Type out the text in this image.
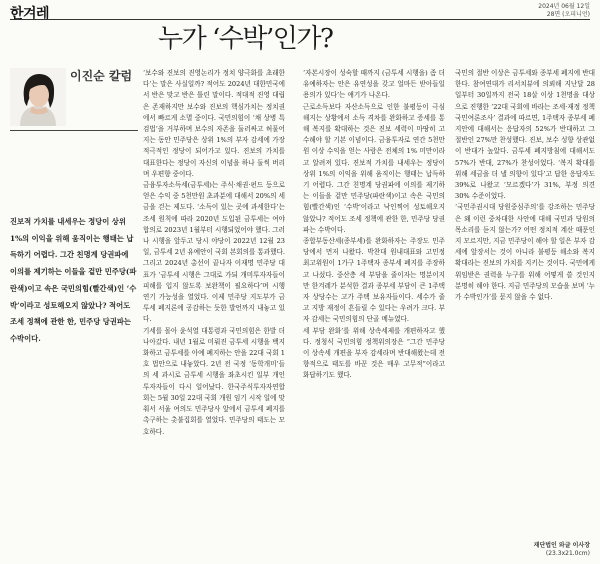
한겨레	2024년 06월 12일
28면 (오피니언)
누가 ‘수박’인가?
이진순 칼럼

진보적 가치를 내세우는 정당이 상위 1%의 이익을 위해 움직이는 행태는 납득하기 어렵다. 그간 친명계 당권파에 이의를 제기하는 이들을 겉만 민주당(파란색)이고 속은 국민의힘(빨간색)인 ‘수박’이라고 성토해오지 않았나? 적어도 조세 정책에 관한 한, 민주당 당권파는 수박이다.

‘보수와 진보의 진영논리가 정치 양극화를 초래한다’는 말은 사실일까? 적어도 2024년 대한민국에서 반은 맞고 반은 틀린 말이다. 적대적 진영 대립은 존재하지만 보수와 진보의 핵심가치는 정치권에서 빠르게 소멸 중이다. 국민의힘이 ‘채 상병 특검법’을 거부하며 보수의 자존을 둘러싸고 허물어지는 동안 민주당은 상위 1%의 부자 감세에 가장 적극적인 정당이 되어가고 있다. 진보의 가치를 대표한다는 정당이 자신의 이념을 하나 둘씩 버리며 우편향 중이다.

금융투자소득세(금투세)는 주식·채권·펀드 등으로 얻은 수익 중 5천만원 초과분에 대해서 20%의 세금을 걷는 제도다. ‘소득이 있는 곳에 과세한다’는 조세 원칙에 따라 2020년 도입된 금투세는 여야 합의로 2023년 1월부터 시행되었어야 했다. 그러나 시행을 앞두고 당시 야당이 2022년 12월 23일, 금투세 2년 유예안이 국회 본회의를 통과했다. 그리고 2024년 총선이 끝나자 이재명 민주당 대표가 ‘금투세 시행은 그대로 가되 개미투자자들이 피해를 입지 않도록 보완책이 필요하다’며 시행 연기 가능성을 열었다. 이제 민주당 지도부가 금투세 폐지론에 공감하는 듯한 발언까지 내놓고 있다.

기세를 몰아 윤석열 대통령과 국민의힘은 한발 더 나아갔다. 내년 1월로 미뤄진 금투세 시행을 백지화하고 금투세를 아예 폐지하는 안을 22대 국회 1호 법안으로 내놓았다. 2년 전 국정 ‘동학개미’들의 세 과시로 금투세 시행을 좌초시킨 일부 개인투자자들이 다시 일어났다. 한국주식투자자연합회는 5월 30일 22대 국회 개원 임기 시작 일에 맞춰서 서울 여의도 민주당사 앞에서 금투세 폐지를 촉구하는 촛불집회를 열었다. 민주당의 태도는 모호하다.

‘자본시장이 성숙할 때까지 (금투세 시행을) 좀 더 유예하자는 안은 유연성을 갖고 얼마든 받아들일 용의가 있다’는 얘기가 나온다.

근로소득보다 자산소득으로 인한 불평등이 극심해지는 상황에서 소득 격차를 완화하고 증세를 통해 복지를 확대하는 것은 진보 세력이 마땅히 고수해야 할 기본 이념이다. 금융투자로 연간 5천만원 이상 수익을 얻는 사람은 전체의 1% 미만이라고 알려져 있다. 진보적 가치를 내세우는 정당이 상위 1%의 이익을 위해 움직이는 행태는 납득하기 어렵다. 그간 친명계 당권파에 이의를 제기하는 이들을 겉만 민주당(파란색)이고 속은 국민의힘(빨간색)인 ‘수박’이라고 낙인찍어 성토해오지 않았나? 적어도 조세 정책에 관한 한, 민주당 당권파는 수박이다.

종합부동산세(종부세)를 완화하자는 주장도 민주당에서 먼저 나왔다. 박찬대 원내대표와 고민정 최고위원이 1가구 1주택자 종부세 폐지를 주장하고 나섰다. 중산층 세 부담을 줄이자는 명분이지만 한겨레가 분석한 결과 종부세 부담이 큰 1주택자 상당수는 고가 주택 보유자들이다. 세수가 줄고 지방 재정이 흔들릴 수 있다는 우려가 크다. 부자 감세는 국민의힘의 단골 메뉴였다.

세 부담 완화’를 위해 상속세제를 개편하자고 했다. 정청식 국민의힘 정책위의장은 “그간 민주당이 상속세 개편을 부자 감세라며 반대해왔는데 전향적으로 태도를 바꾼 것은 매우 고무적”이라고 화답하기도 했다.

국민의 절반 이상은 금투세와 종부세 폐지에 반대한다. 참여연대가 리서치뷰에 의뢰해 지난달 28일부터 30일까지 전국 18살 이상 1천명을 대상으로 진행한 ‘22대 국회에 바라는 조세·재정 정책 국민여론조사’ 결과에 따르면, 1주택자 종부세 폐지안에 대해서는 응답자의 52%가 반대하고 그 절반인 27%만 찬성했다. 진보, 보수 성향 상관없이 반대가 높았다. 금투세 폐지방침에 대해서도 57%가 반대, 27%가 찬성이었다. ‘복지 확대를 위해 세금을 더 낼 의향이 있다’고 답한 응답자도 39%로 나왔고 ‘모르겠다’가 31%, 부정 의견 30% 수준이었다.

‘국민주권시대 당원중심주의’를 강조하는 민주당은 왜 이런 중차대한 사안에 대해 국민과 당원의 목소리를 듣지 않는가? 어떤 정치적 계산 때문인지 모르지만, 지금 민주당이 해야 할 일은 부자 감세에 앞장서는 것이 아니라 불평등 해소와 복지 확대라는 진보의 가치를 지키는 것이다. 국민에게 위임받은 권력을 누구를 위해 어떻게 쓸 것인지 분명히 해야 한다. 지금 민주당의 모습을 보며 ‘누가 수박인가’를 묻지 않을 수 없다.

재단법인 와글 이사장
(23.3x21.0cm)
